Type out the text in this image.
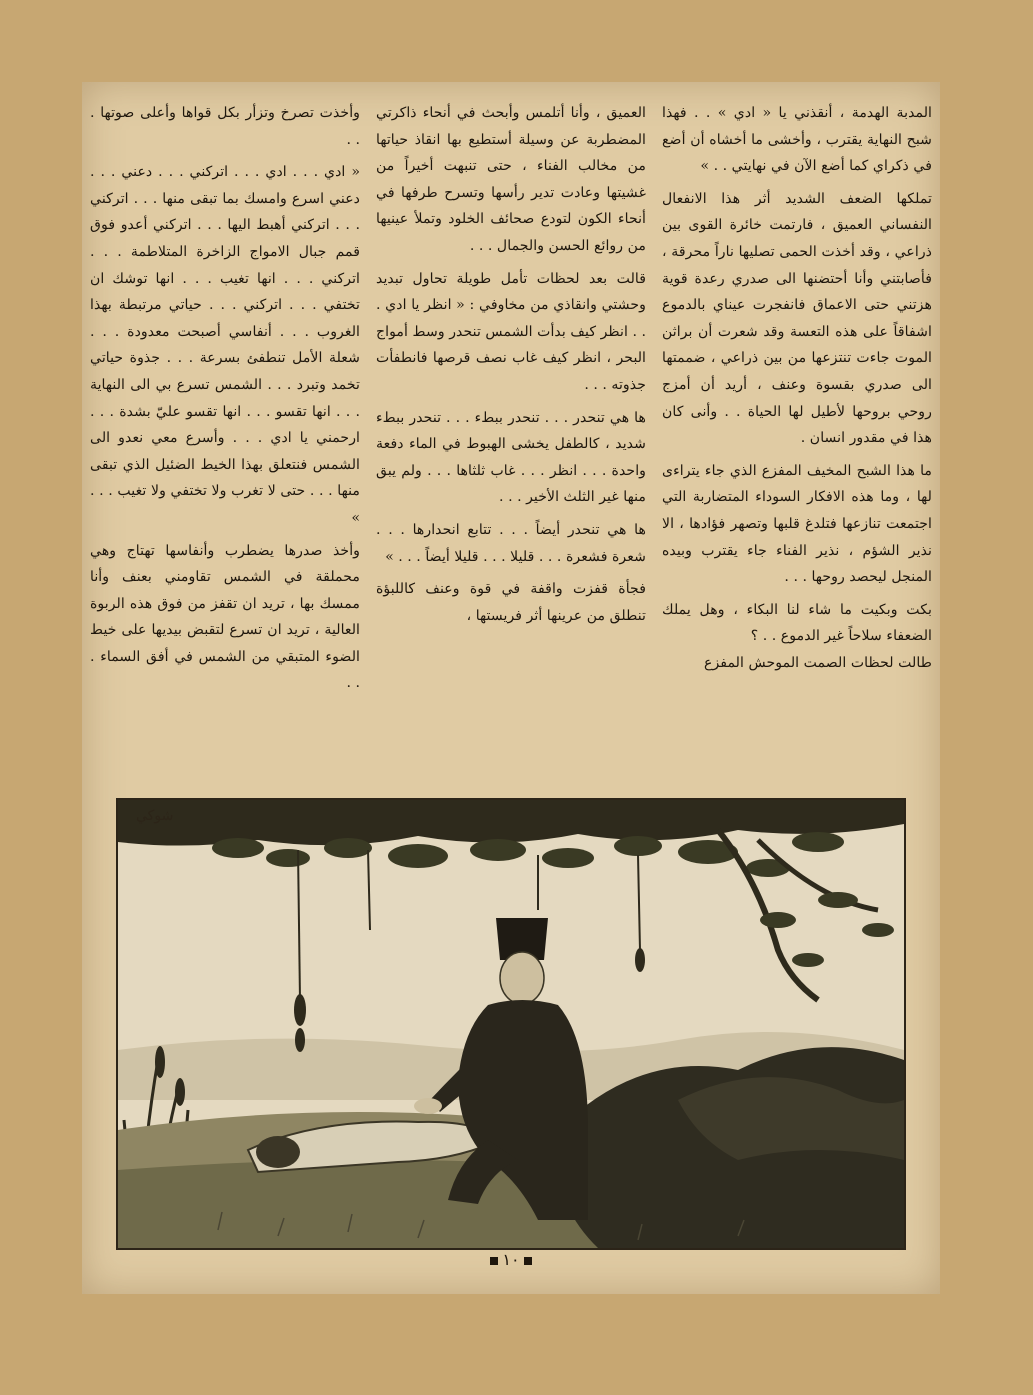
المدبة الهدمة ، أنقذني يا « ادي » . . فهذا شبح النهاية يقترب ، وأخشى ما أخشاه أن أضع في ذكراي كما أضع الآن في نهايتي . . »

تملكها الضعف الشديد أثر هذا الانفعال النفساني العميق ، فارتمت خائرة القوى بين ذراعي ، وقد أخذت الحمى تصليها ناراً محرقة ، فأصابتني وأنا أحتضنها الى صدري رعدة قوية هزتني حتى الاعماق فانفجرت عيناي بالدموع اشفاقاً على هذه التعسة وقد شعرت أن براثن الموت جاءت تنتزعها من بين ذراعي ، ضممتها الى صدري بقسوة وعنف ، أريد أن أمزج روحي بروحها لأطيل لها الحياة . . وأنى كان هذا في مقدور انسان .

ما هذا الشبح المخيف المفزع الذي جاء يتراءى لها ، وما هذه الافكار السوداء المتضاربة التي اجتمعت تنازعها فتلدغ قلبها وتصهر فؤادها ، الا نذير الشؤم ، نذير الفناء جاء يقترب وبيده المنجل ليحصد روحها . . .

بكت وبكيت ما شاء لنا البكاء ، وهل يملك الضعفاء سلاحاً غير الدموع . . ؟

طالت لحظات الصمت الموحش المفزع

العميق ، وأنا أتلمس وأبحث في أنحاء ذاكرتي المضطربة عن وسيلة أستطيع بها انقاذ حياتها من مخالب الفناء ، حتى تنبهت أخيراً من غشيتها وعادت تدير رأسها وتسرح طرفها في أنحاء الكون لتودع صحائف الخلود وتملأ عينيها من روائع الحسن والجمال . . .

قالت بعد لحظات تأمل طويلة تحاول تبديد وحشتي وانقاذي من مخاوفي : « انظر يا ادي . . . انظر كيف بدأت الشمس تنحدر وسط أمواج البحر ، انظر كيف غاب نصف قرصها فانطفأت جذوته . . .

ها هي تنحدر . . . تنحدر ببطء . . . تنحدر ببطء شديد ، كالطفل يخشى الهبوط في الماء دفعة واحدة . . . انظر . . . غاب ثلثاها . . . ولم يبق منها غير الثلث الأخير . . .

ها هي تنحدر أيضاً . . . تتابع انحدارها . . . شعرة فشعرة . . . قليلا . . . قليلا أيضاً . . . »

فجأة قفزت واقفة في قوة وعنف كاللبؤة تنطلق من عرينها أثر فريستها ،

وأخذت تصرخ وتزأر بكل قواها وأعلى صوتها . . .

« ادي . . . ادي . . . اتركني . . . دعني . . . دعني اسرع وامسك بما تبقى منها . . . اتركني . . . اتركني أهبط اليها . . . اتركني أعدو فوق قمم جبال الامواج الزاخرة المتلاطمة . . . اتركني . . . انها تغيب . . . انها توشك ان تختفي . . . اتركني . . . حياتي مرتبطة بهذا الغروب . . . أنفاسي أصبحت معدودة . . . شعلة الأمل تنطفئ بسرعة . . . جذوة حياتي تخمد وتبرد . . . الشمس تسرع بي الى النهاية . . . انها تقسو . . . انها تقسو عليّ بشدة . . . ارحمني يا ادي . . . وأسرع معي نعدو الى الشمس فنتعلق بهذا الخيط الضئيل الذي تبقى منها . . . حتى لا تغرب ولا تختفي ولا تغيب . . . »

وأخذ صدرها يضطرب وأنفاسها تهتاج وهي محملقة في الشمس تقاومني بعنف وأنا ممسك بها ، تريد ان تقفز من فوق هذه الربوة العالية ، تريد ان تسرع لتقبض بيديها على خيط الضوء المتبقي من الشمس في أفق السماء . . .

شوكي
١٠
